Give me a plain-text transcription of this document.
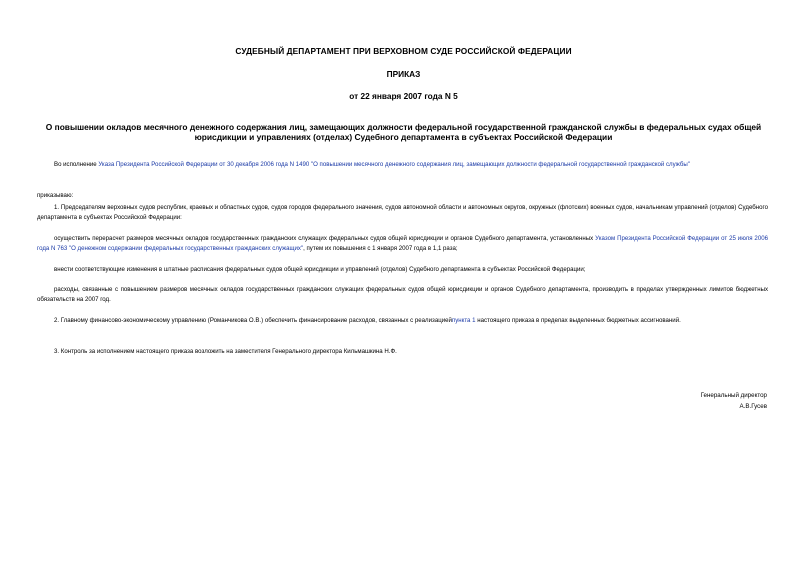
СУДЕБНЫЙ ДЕПАРТАМЕНТ ПРИ ВЕРХОВНОМ СУДЕ РОССИЙСКОЙ ФЕДЕРАЦИИ
ПРИКАЗ
от 22 января 2007 года N 5
О повышении окладов месячного денежного содержания лиц, замещающих должности федеральной государственной гражданской службы в федеральных судах общей юрисдикции и управлениях (отделах) Судебного департамента в субъектах Российской Федерации
Во исполнение Указа Президента Российской Федерации от 30 декабря 2006 года N 1490 "О повышении месячного денежного содержания лиц, замещающих должности федеральной государственной гражданской службы"
приказываю:
1. Председателям верховных судов республик, краевых и областных судов, судов городов федерального значения, судов автономной области и автономных округов, окружных (флотских) военных судов, начальникам управлений (отделов) Судебного департамента в субъектах Российской Федерации:
осуществить перерасчет размеров месячных окладов государственных гражданских служащих федеральных судов общей юрисдикции и органов Судебного департамента, установленных Указом Президента Российской Федерации от 25 июля 2006 года N 763 "О денежном содержании федеральных государственных гражданских служащих", путем их повышения с 1 января 2007 года в 1,1 раза;
внести соответствующие изменения в штатные расписания федеральных судов общей юрисдикции и управлений (отделов) Судебного департамента в субъектах Российской Федерации;
расходы, связанные с повышением размеров месячных окладов государственных гражданских служащих федеральных судов общей юрисдикции и органов Судебного департамента, производить в пределах утвержденных лимитов бюджетных обязательств на 2007 год.
2. Главному финансово-экономическому управлению (Романчикова О.В.) обеспечить финансирование расходов, связанных с реализациейпункта 1 настоящего приказа в пределах выделенных бюджетных ассигнований.
3. Контроль за исполнением настоящего приказа возложить на заместителя Генерального директора Кильмашкина Н.Ф.
Генеральный директор
А.В.Гусев
